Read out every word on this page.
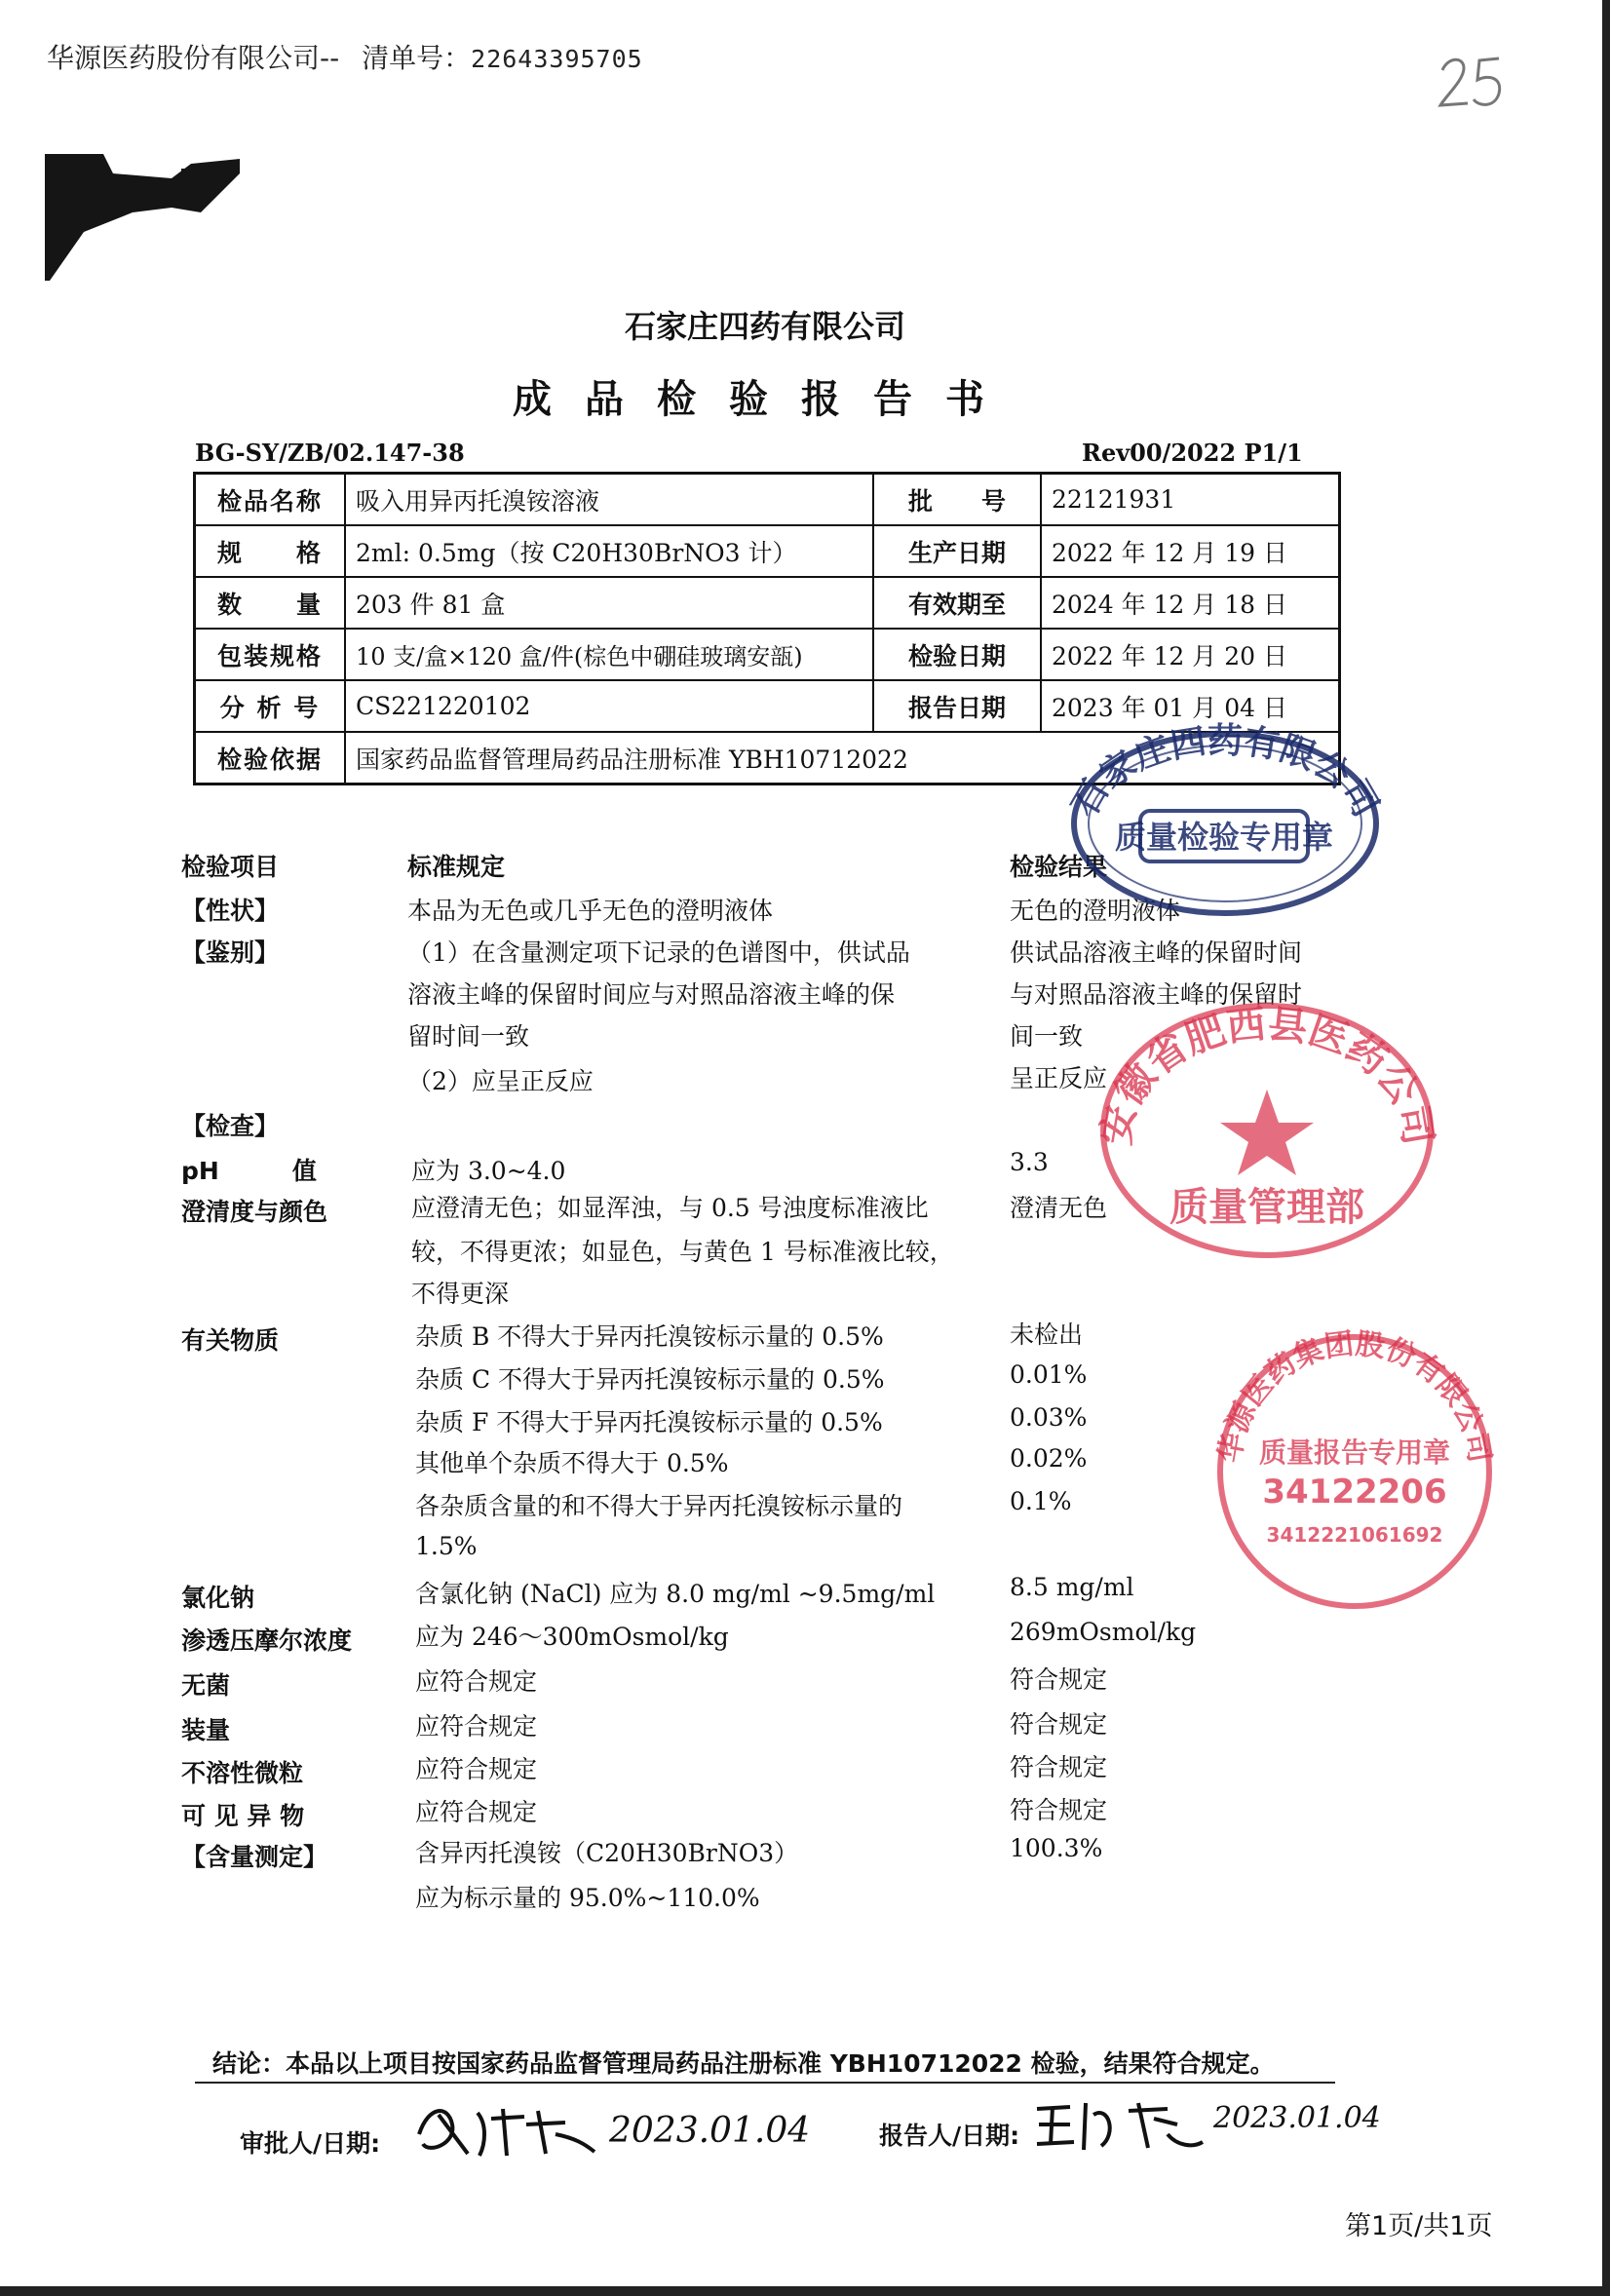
华源医药股份有限公司-- 清单号：22643395705
石家庄四药有限公司
成品检验报告书
BG-SY/ZB/02.147-38	Rev00/2022 P1/1
检品名称	吸入用异丙托溴铵溶液	批　　号	22121931
规　　格	2ml: 0.5mg（按 C20H30BrNO3 计）	生产日期	2022 年 12 月 19 日
数　　量	203 件 81 盒	有效期至	2024 年 12 月 18 日
包装规格	10 支/盒×120 盒/件(棕色中硼硅玻璃安瓿)	检验日期	2022 年 12 月 20 日
分 析 号	CS221220102	报告日期	2023 年 01 月 04 日
检验依据	国家药品监督管理局药品注册标准 YBH10712022		
检验项目	标准规定	检验结果
【性状】	本品为无色或几乎无色的澄明液体	无色的澄明液体
【鉴别】	（1）在含量测定项下记录的色谱图中，供试品	供试品溶液主峰的保留时间
溶液主峰的保留时间应与对照品溶液主峰的保	与对照品溶液主峰的保留时
留时间一致	间一致
（2）应呈正反应	呈正反应
【检查】
pH　　　值	应为 3.0~4.0	3.3
澄清度与颜色	应澄清无色；如显浑浊，与 0.5 号浊度标准液比	澄清无色
较，不得更浓；如显色，与黄色 1 号标准液比较，
不得更深
有关物质	杂质 B 不得大于异丙托溴铵标示量的 0.5%	未检出
杂质 C 不得大于异丙托溴铵标示量的 0.5%	0.01%
杂质 F 不得大于异丙托溴铵标示量的 0.5%	0.03%
其他单个杂质不得大于 0.5%	0.02%
各杂质含量的和不得大于异丙托溴铵标示量的	0.1%
1.5%
氯化钠	含氯化钠 (NaCl) 应为 8.0 mg/ml ~9.5mg/ml	8.5 mg/ml
渗透压摩尔浓度	应为 246～300mOsmol/kg	269mOsmol/kg
无菌	应符合规定	符合规定
装量	应符合规定	符合规定
不溶性微粒	应符合规定	符合规定
可 见 异 物	应符合规定	符合规定
【含量测定】	含异丙托溴铵（C20H30BrNO3）	100.3%
应为标示量的 95.0%~110.0%
结论：本品以上项目按国家药品监督管理局药品注册标准 YBH10712022 检验，结果符合规定。
审批人/日期:	2023.01.04	报告人/日期:
2023.01.04
第1页/共1页
石家庄四药有限公司
质量检验专用章
安徽省肥西县医药公司
质量管理部
华源医药集团股份有限公司
质量报告专用章
34122206
3412221061692
